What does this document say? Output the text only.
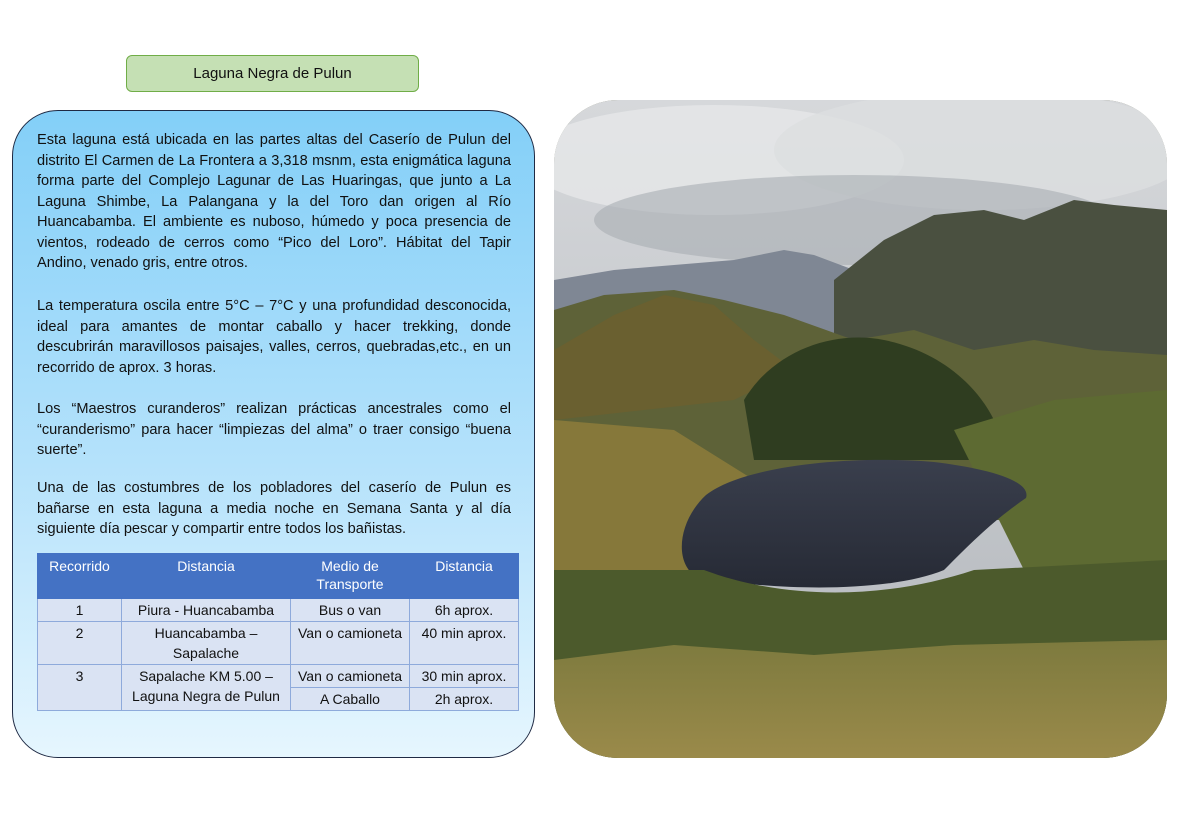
Laguna Negra de Pulun

Esta laguna está ubicada en las partes altas del Caserío de Pulun del distrito El Carmen de La Frontera a 3,318 msnm, esta enigmática laguna forma parte del Complejo Lagunar de Las Huaringas, que junto a La Laguna Shimbe, La Palangana y la del Toro dan origen al Río Huancabamba. El ambiente es nuboso, húmedo y poca presencia de vientos, rodeado de cerros como “Pico del Loro”. Hábitat del Tapir Andino, venado gris, entre otros.

La temperatura oscila entre 5°C – 7°C y una profundidad desconocida, ideal para amantes de montar caballo y hacer trekking, donde descubrirán maravillosos paisajes, valles, cerros, quebradas,etc., en un recorrido de aprox. 3 horas.

Los “Maestros curanderos” realizan prácticas ancestrales como el “curanderismo” para hacer “limpiezas del alma” o traer consigo “buena suerte”.

Una de las costumbres de los pobladores del caserío de Pulun es bañarse en esta laguna a media noche en Semana Santa y al día siguiente día pescar y compartir entre todos los bañistas.

Recorrido	Distancia	Medio de Transporte	Distancia
1	Piura - Huancabamba	Bus o van	6h aprox.
2	Huancabamba – Sapalache	Van o camioneta	40 min aprox.
3	Sapalache KM 5.00 – Laguna Negra de Pulun	Van o camioneta	30 min aprox.
		A Caballo	2h aprox.
